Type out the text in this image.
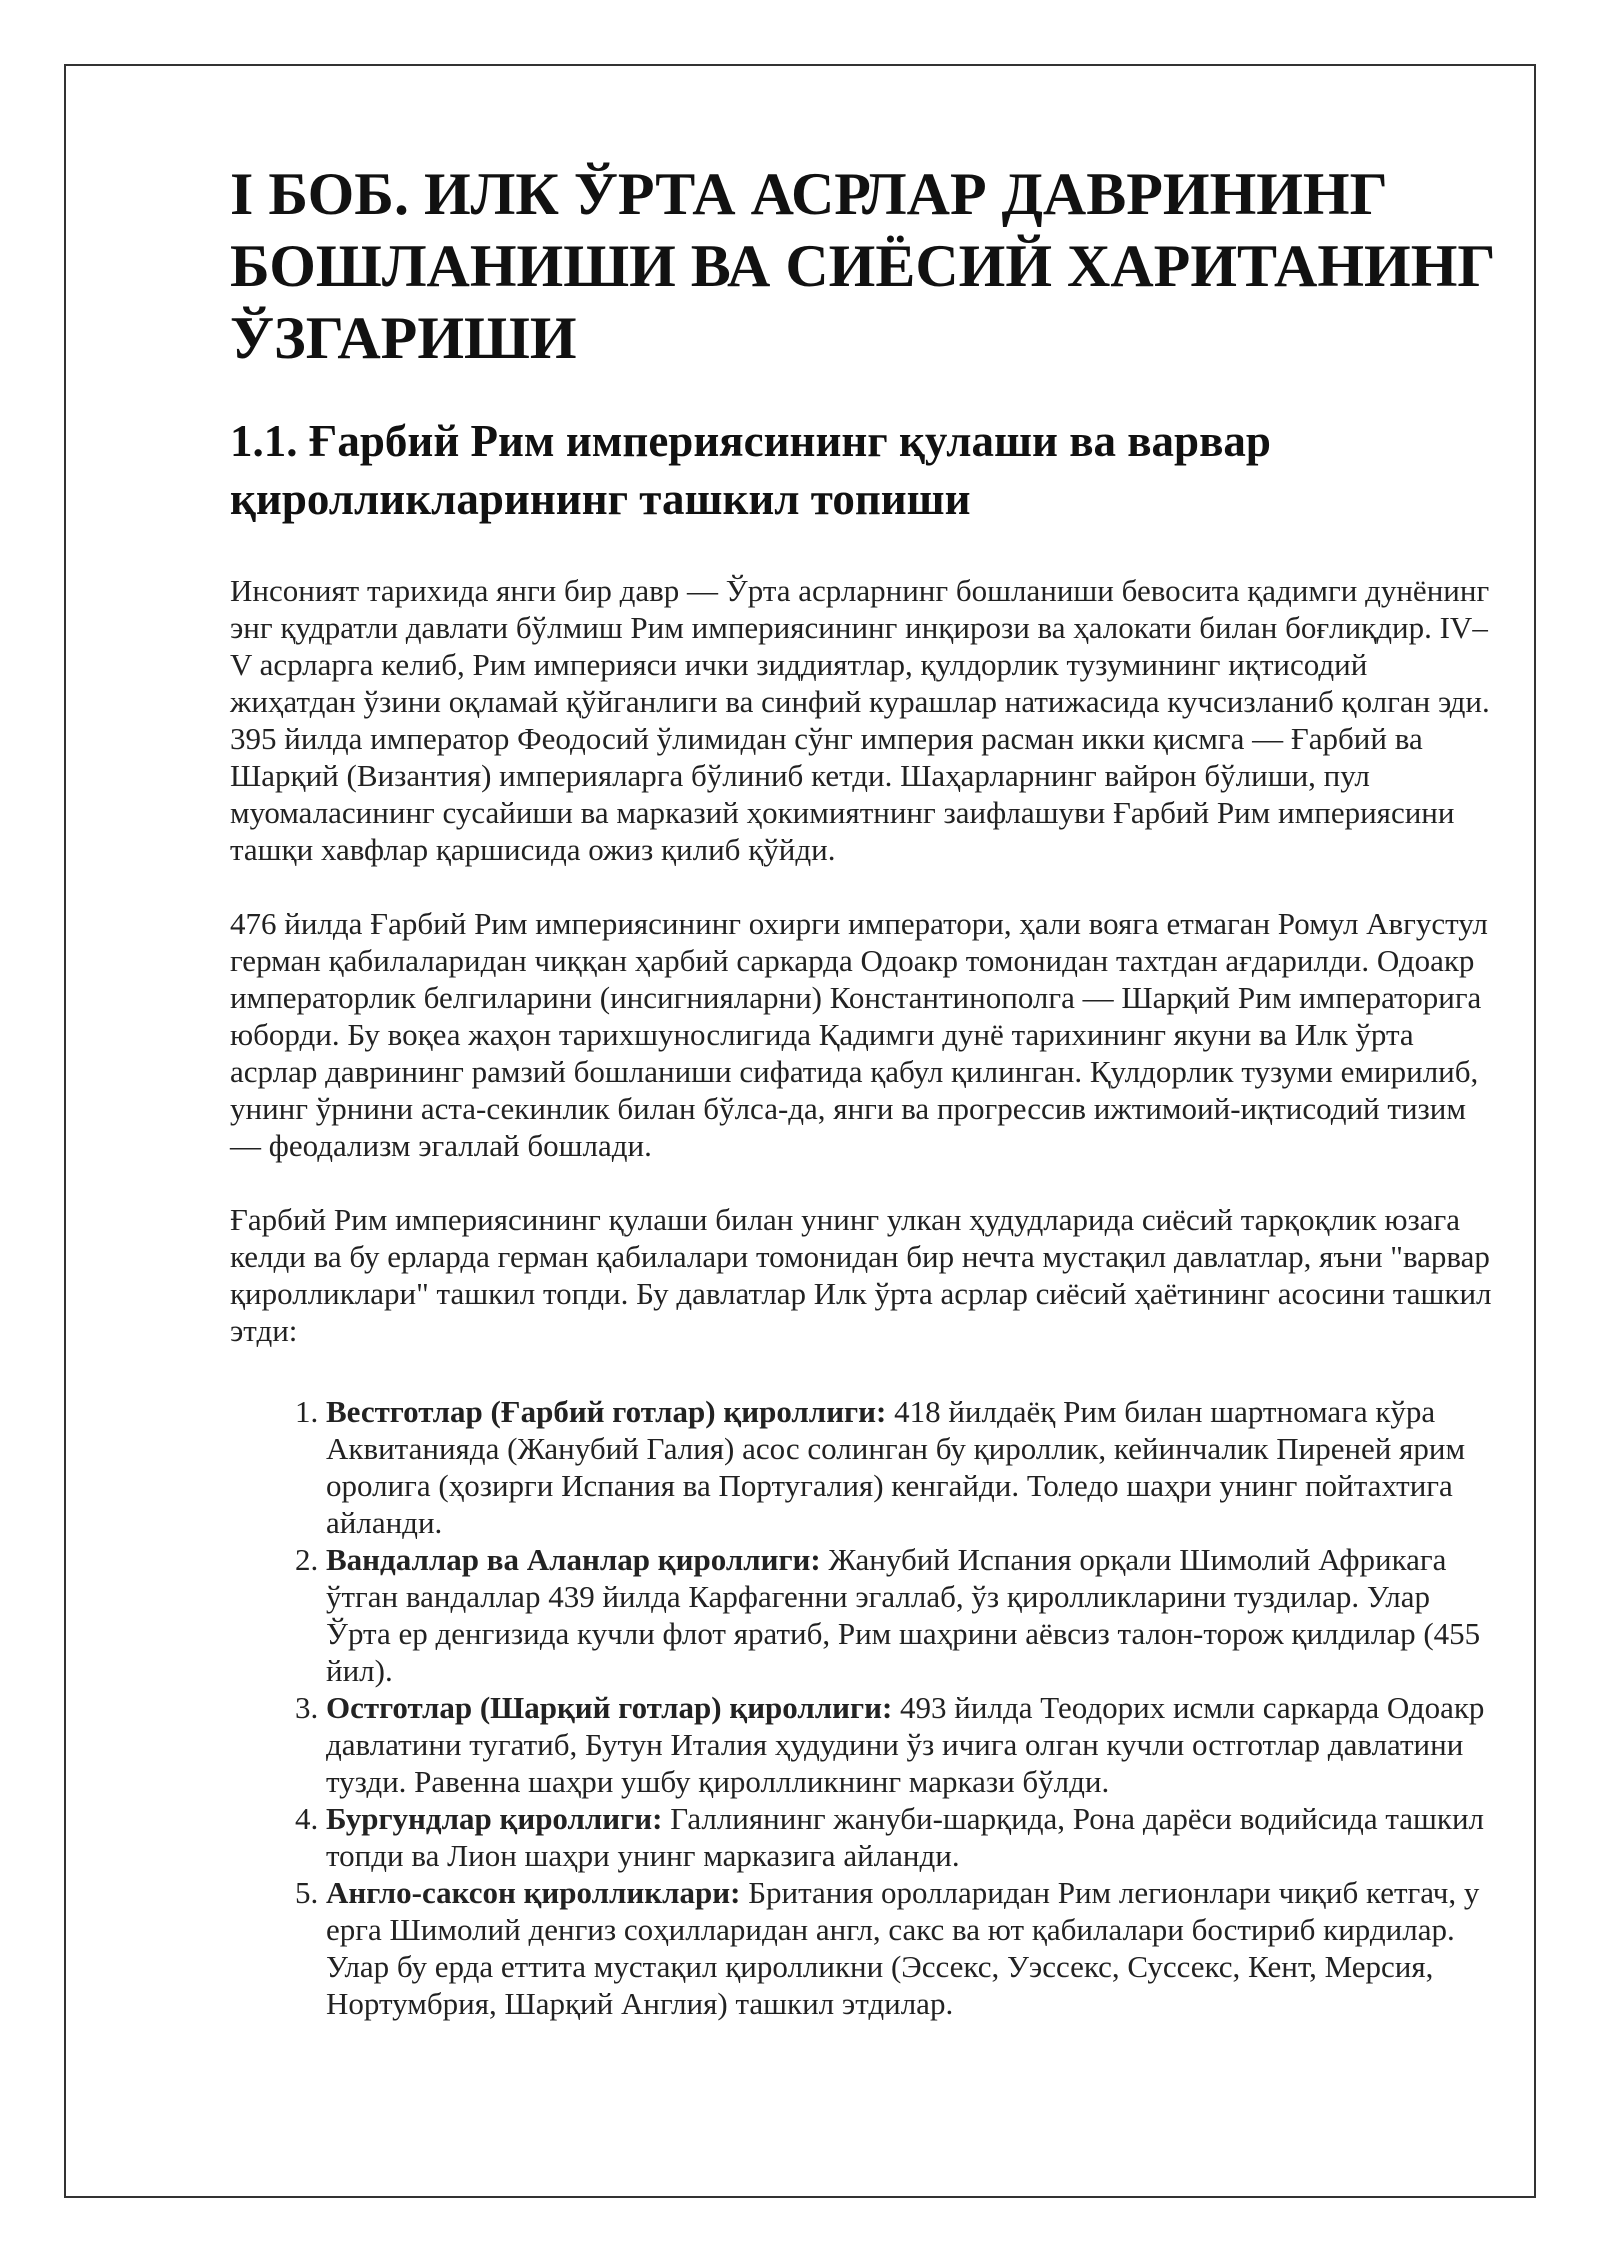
I БОБ. ИЛК ЎРТА АСРЛАР ДАВРИНИНГ БОШЛАНИШИ ВА СИЁСИЙ ХАРИТАНИНГ ЎЗГАРИШИ
1.1. Ғарбий Рим империясининг қулаши ва варвар қиролликларининг ташкил топиши

Инсоният тарихида янги бир давр — Ўрта асрларнинг бошланиши бевосита қадимги дунёнинг энг қудратли давлати бўлмиш Рим империясининг инқирози ва ҳалокати билан боғлиқдир. IV–V асрларга келиб, Рим империяси ички зиддиятлар, қулдорлик тузумининг иқтисодий жиҳатдан ўзини оқламай қўйганлиги ва синфий курашлар натижасида кучсизланиб қолган эди. 395 йилда император Феодосий ўлимидан сўнг империя расман икки қисмга — Ғарбий ва Шарқий (Византия) империяларга бўлиниб кетди. Шаҳарларнинг вайрон бўлиши, пул муомаласининг сусайиши ва марказий ҳокимиятнинг заифлашуви Ғарбий Рим империясини ташқи хавфлар қаршисида ожиз қилиб қўйди.

476 йилда Ғарбий Рим империясининг охирги императори, ҳали вояга етмаган Ромул Августул герман қабилаларидан чиққан ҳарбий саркарда Одоакр томонидан тахтдан ағдарилди. Одоакр императорлик белгиларини (инсигнияларни) Константинополга — Шарқий Рим императорига юборди. Бу воқеа жаҳон тарихшунослигида Қадимги дунё тарихининг якуни ва Илк ўрта асрлар даврининг рамзий бошланиши сифатида қабул қилинган. Қулдорлик тузуми емирилиб, унинг ўрнини аста-секинлик билан бўлса-да, янги ва прогрессив ижтимоий-иқтисодий тизим — феодализм эгаллай бошлади.

Ғарбий Рим империясининг қулаши билан унинг улкан ҳудудларида сиёсий тарқоқлик юзага келди ва бу ерларда герман қабилалари томонидан бир нечта мустақил давлатлар, яъни "варвар қиролликлари" ташкил топди. Бу давлатлар Илк ўрта асрлар сиёсий ҳаётининг асосини ташкил этди:

1. Вестготлар (Ғарбий готлар) қироллиги: 418 йилдаёқ Рим билан шартномага кўра Аквитанияда (Жанубий Галия) асос солинган бу қироллик, кейинчалик Пиреней ярим оролига (ҳозирги Испания ва Португалия) кенгайди. Толедо шаҳри унинг пойтахтига айланди.
2. Вандаллар ва Аланлар қироллиги: Жанубий Испания орқали Шимолий Африкага ўтган вандаллар 439 йилда Карфагенни эгаллаб, ўз қиролликларини туздилар. Улар Ўрта ер денгизида кучли флот яратиб, Рим шаҳрини аёвсиз талон-торож қилдилар (455 йил).
3. Остготлар (Шарқий готлар) қироллиги: 493 йилда Теодорих исмли саркарда Одоакр давлатини тугатиб, Бутун Италия ҳудудини ўз ичига олган кучли остготлар давлатини тузди. Равенна шаҳри ушбу қироллликнинг маркази бўлди.
4. Бургундлар қироллиги: Галлиянинг жануби-шарқида, Рона дарёси водийсида ташкил топди ва Лион шаҳри унинг марказига айланди.
5. Англо-саксон қиролликлари: Британия оролларидан Рим легионлари чиқиб кетгач, у ерга Шимолий денгиз соҳилларидан англ, сакс ва ют қабилалари бостириб кирдилар. Улар бу ерда еттита мустақил қиролликни (Эссекс, Уэссекс, Суссекс, Кент, Мерсия, Нортумбрия, Шарқий Англия) ташкил этдилар.
